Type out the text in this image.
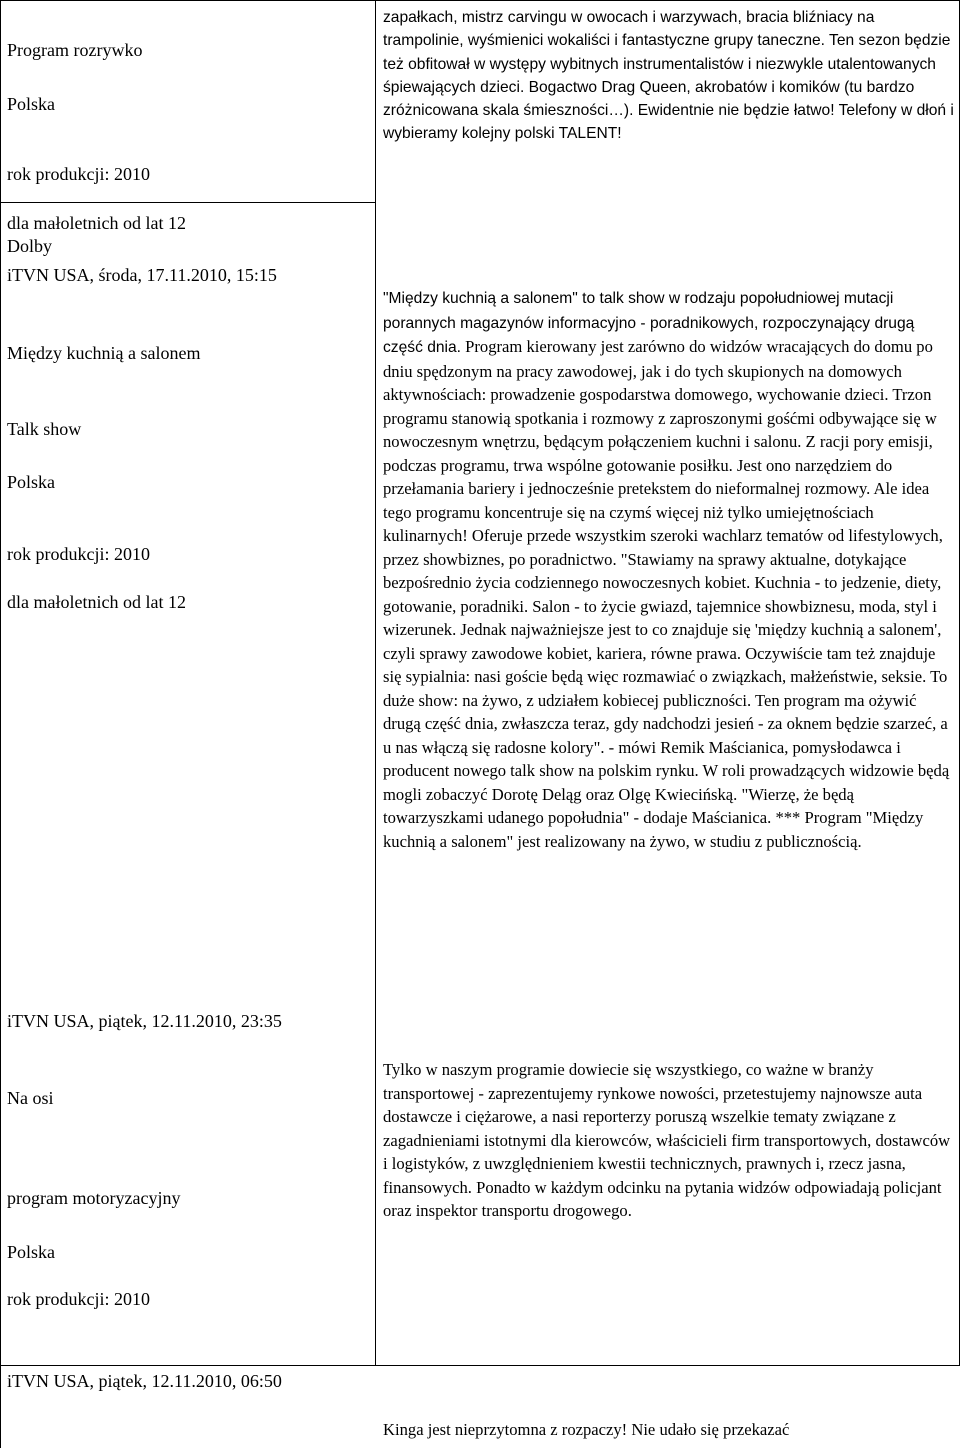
Program rozrywko
Polska
rok produkcji: 2010
zapałkach, mistrz carvingu w owocach i warzywach, bracia bliźniacy na trampolinie, wyśmienici wokaliści i fantastyczne grupy taneczne. Ten sezon będzie też obfitował w występy wybitnych instrumentalistów i niezwykle utalentowanych śpiewających dzieci. Bogactwo Drag Queen, akrobatów i komików (tu bardzo zróżnicowana skala śmieszności…). Ewidentnie nie będzie łatwo! Telefony w dłoń i wybieramy kolejny polski TALENT!
dla małoletnich od lat 12
Dolby
iTVN USA, środa, 17.11.2010, 15:15
Między kuchnią a salonem
Talk show
Polska
rok produkcji: 2010
dla małoletnich od lat 12
"Między kuchnią a salonem" to talk show w rodzaju popołudniowej mutacji porannych magazynów informacyjno - poradnikowych, rozpoczynający drugą część dnia. Program kierowany jest zarówno do widzów wracających do domu po dniu spędzonym na pracy zawodowej, jak i do tych skupionych na domowych aktywnościach: prowadzenie gospodarstwa domowego, wychowanie dzieci. Trzon programu stanowią spotkania i rozmowy z zaproszonymi gośćmi odbywające się w nowoczesnym wnętrzu, będącym połączeniem kuchni i salonu. Z racji pory emisji, podczas programu, trwa wspólne gotowanie posiłku. Jest ono narzędziem do przełamania bariery i jednocześnie pretekstem do nieformalnej rozmowy. Ale idea tego programu koncentruje się na czymś więcej niż tylko umiejętnościach kulinarnych! Oferuje przede wszystkim szeroki wachlarz tematów od lifestylowych, przez showbiznes, po poradnictwo. "Stawiamy na sprawy aktualne, dotykające bezpośrednio życia codziennego nowoczesnych kobiet. Kuchnia - to jedzenie, diety, gotowanie, poradniki. Salon - to życie gwiazd, tajemnice showbiznesu, moda, styl i wizerunek. Jednak najważniejsze jest to co znajduje się 'między kuchnią a salonem', czyli sprawy zawodowe kobiet, kariera, równe prawa. Oczywiście tam też znajduje się sypialnia: nasi goście będą więc rozmawiać o związkach, małżeństwie, seksie. To duże show: na żywo, z udziałem kobiecej publiczności. Ten program ma ożywić drugą część dnia, zwłaszcza teraz, gdy nadchodzi jesień - za oknem będzie szarzeć, a u nas włączą się radosne kolory". - mówi Remik Maścianica, pomysłodawca i producent nowego talk show na polskim rynku. W roli prowadzących widzowie będą mogli zobaczyć Dorotę Deląg oraz Olgę Kwiecińską. "Wierzę, że będą towarzyszkami udanego popołudnia" - dodaje Maścianica. *** Program "Między kuchnią a salonem" jest realizowany na żywo, w studiu z publicznością.
iTVN USA, piątek, 12.11.2010, 23:35
Na osi
program motoryzacyjny
Polska
rok produkcji: 2010
Tylko w naszym programie dowiecie się wszystkiego, co ważne w branży transportowej - zaprezentujemy rynkowe nowości, przetestujemy najnowsze auta dostawcze i ciężarowe, a nasi reporterzy poruszą wszelkie tematy związane z zagadnieniami istotnymi dla kierowców, właścicieli firm transportowych, dostawców i logistyków, z uwzględnieniem kwestii technicznych, prawnych i, rzecz jasna, finansowych. Ponadto w każdym odcinku na pytania widzów odpowiadają policjant oraz inspektor transportu drogowego.
iTVN USA, piątek, 12.11.2010, 06:50
Kinga jest nieprzytomna z rozpaczy! Nie udało się przekazać
